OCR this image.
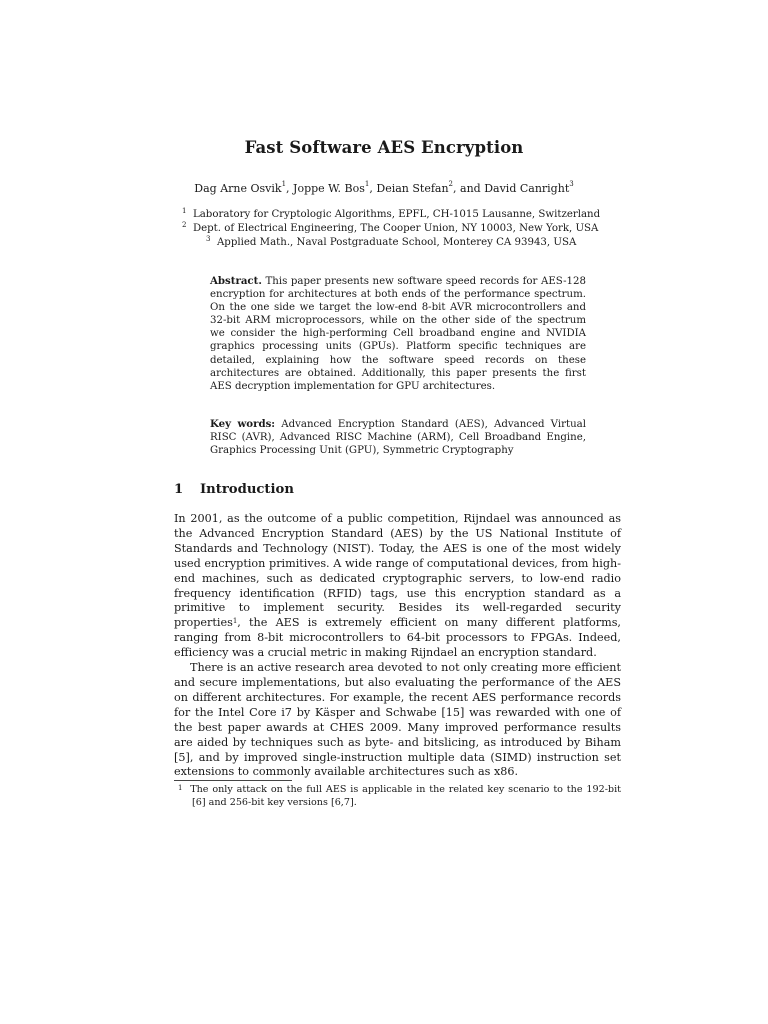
Fast Software AES Encryption
Dag Arne Osvik$^1$, Joppe W. Bos$^1$, Deian Stefan$^2$, and David Canright$^3$
$^1$ Laboratory for Cryptologic Algorithms, EPFL, CH-1015 Lausanne, Switzerland
$^2$ Dept. of Electrical Engineering, The Cooper Union, NY 10003, New York, USA
$^3$ Applied Math., Naval Postgraduate School, Monterey CA 93943, USA
Abstract. This paper presents new software speed records for AES-128 encryption for architectures at both ends of the performance spectrum. On the one side we target the low-end 8-bit AVR microcontrollers and 32-bit ARM microprocessors, while on the other side of the spectrum we consider the high-performing Cell broadband engine and NVIDIA graphics processing units (GPUs). Platform specific techniques are detailed, explaining how the software speed records on these architectures are obtained. Additionally, this paper presents the first AES decryption implementation for GPU architectures.
Key words: Advanced Encryption Standard (AES), Advanced Virtual RISC (AVR), Advanced RISC Machine (ARM), Cell Broadband Engine, Graphics Processing Unit (GPU), Symmetric Cryptography
1 Introduction

In 2001, as the outcome of a public competition, Rijndael was announced as the Advanced Encryption Standard (AES) by the US National Institute of Standards and Technology (NIST). Today, the AES is one of the most widely used encryption primitives. A wide range of computational devices, from high-end machines, such as dedicated cryptographic servers, to low-end radio frequency identification (RFID) tags, use this encryption standard as a primitive to implement security. Besides its well-regarded security properties$^1$, the AES is extremely efficient on many different platforms, ranging from 8-bit microcontrollers to 64-bit processors to FPGAs. Indeed, efficiency was a crucial metric in making Rijndael an encryption standard.

There is an active research area devoted to not only creating more efficient and secure implementations, but also evaluating the performance of the AES on different architectures. For example, the recent AES performance records for the Intel Core i7 by Käsper and Schwabe [15] was rewarded with one of the best paper awards at CHES 2009. Many improved performance results are aided by techniques such as byte- and bitslicing, as introduced by Biham [5], and by improved single-instruction multiple data (SIMD) instruction set extensions to commonly available architectures such as x86.

$^1$ The only attack on the full AES is applicable in the related key scenario to the 192-bit [6] and 256-bit key versions [6,7].
